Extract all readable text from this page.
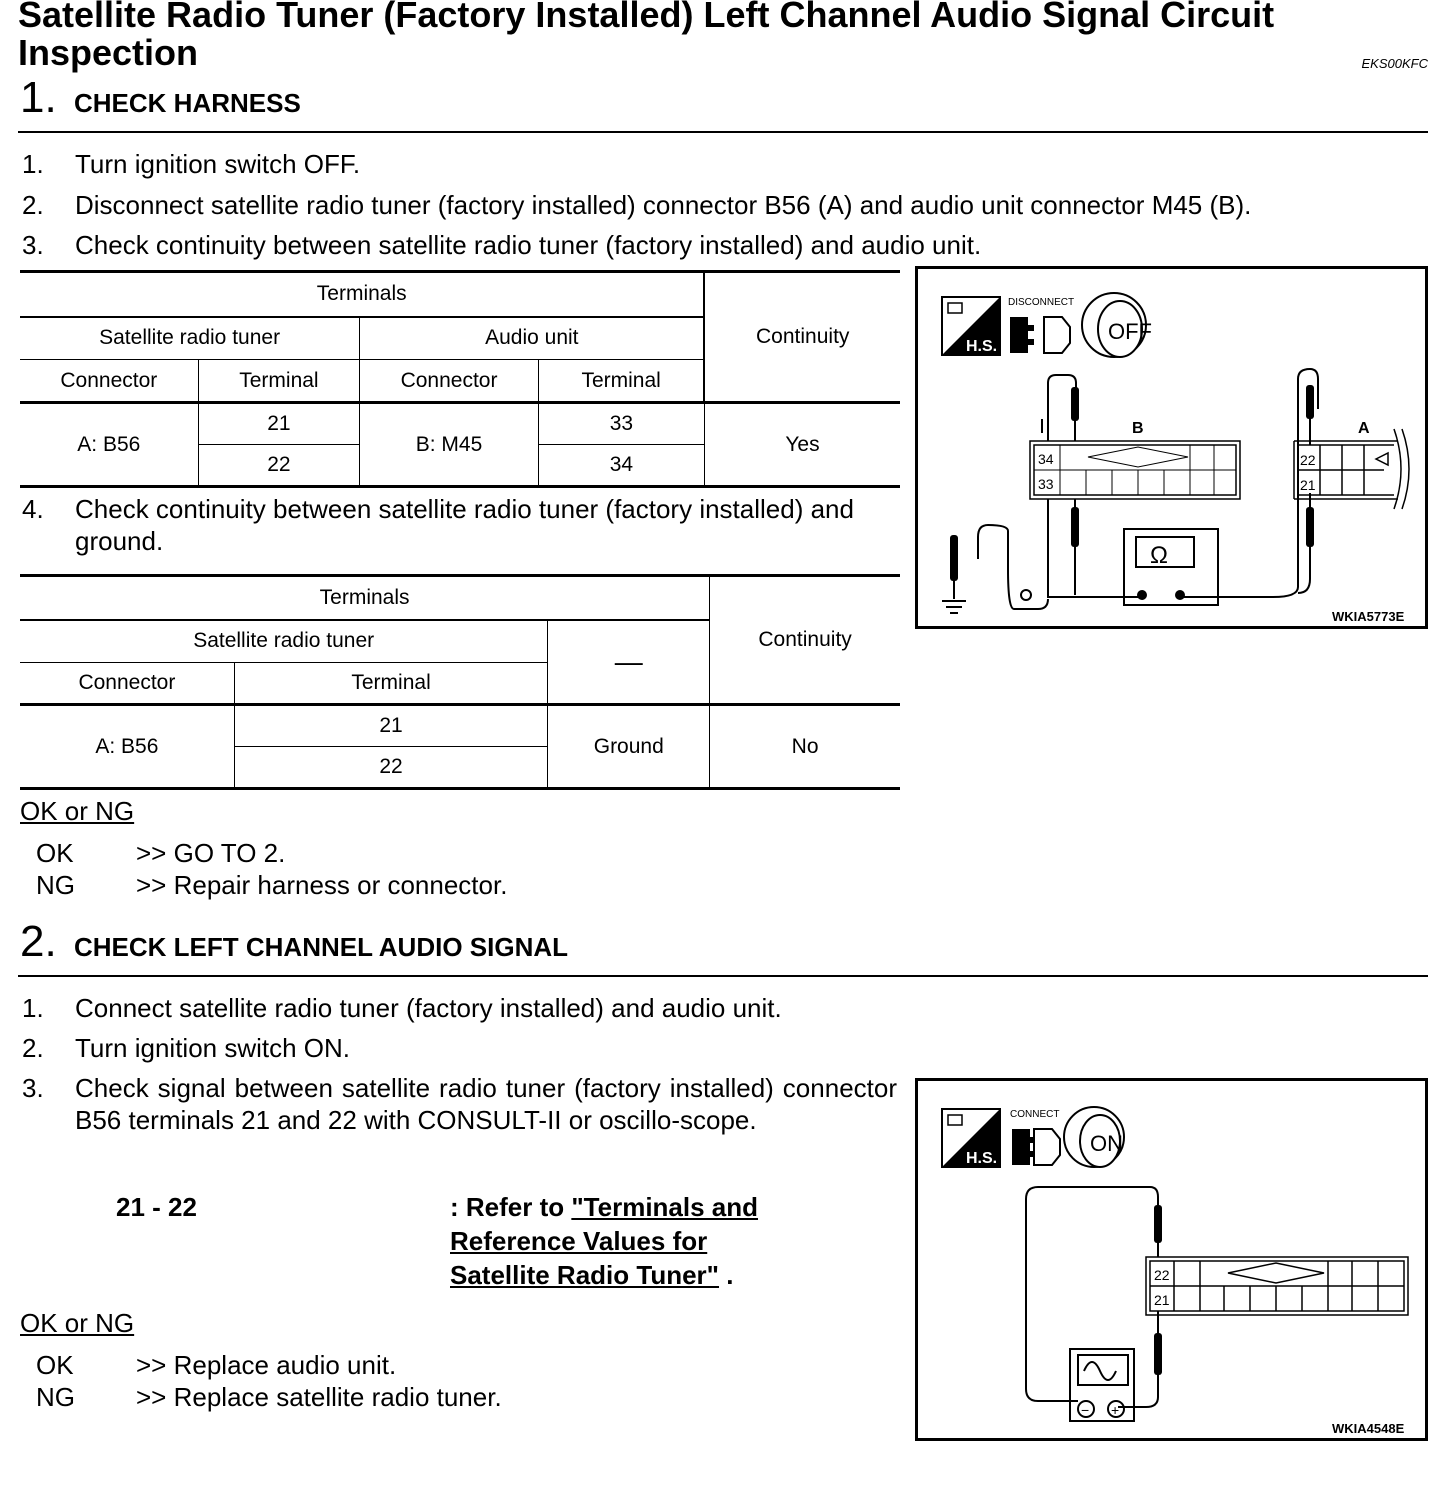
Satellite Radio Tuner (Factory Installed) Left Channel Audio Signal Circuit Inspection	EKS00KFC
1. CHECK HARNESS
1. Turn ignition switch OFF.
2. Disconnect satellite radio tuner (factory installed) connector B56 (A) and audio unit connector M45 (B).
3. Check continuity between satellite radio tuner (factory installed) and audio unit.
Terminals				Continuity
Satellite radio tuner		Audio unit		
Connector	Terminal	Connector	Terminal	
A: B56	21	B: M45	33	Yes
	22		34	
4. Check continuity between satellite radio tuner (factory installed) and ground.
Terminals			Continuity
Satellite radio tuner		—	
Connector	Terminal		
A: B56	21	Ground	No
	22		
OK or NG
OK >> GO TO 2.
NG >> Repair harness or connector.
H.S.
DISCONNECT
OFF
B
34
33
A
22
21
Ω
WKIA5773E
2. CHECK LEFT CHANNEL AUDIO SIGNAL
1. Connect satellite radio tuner (factory installed) and audio unit.
2. Turn ignition switch ON.
3. Check signal between satellite radio tuner (factory installed) connector B56 terminals 21 and 22 with CONSULT-II or oscillo-scope.
21 - 22	: Refer to "Terminals and
Reference Values for
Satellite Radio Tuner" .
OK or NG
OK >> Replace audio unit.
NG >> Replace satellite radio tuner.
H.S.
CONNECT
ON
22
21
− +
WKIA4548E
